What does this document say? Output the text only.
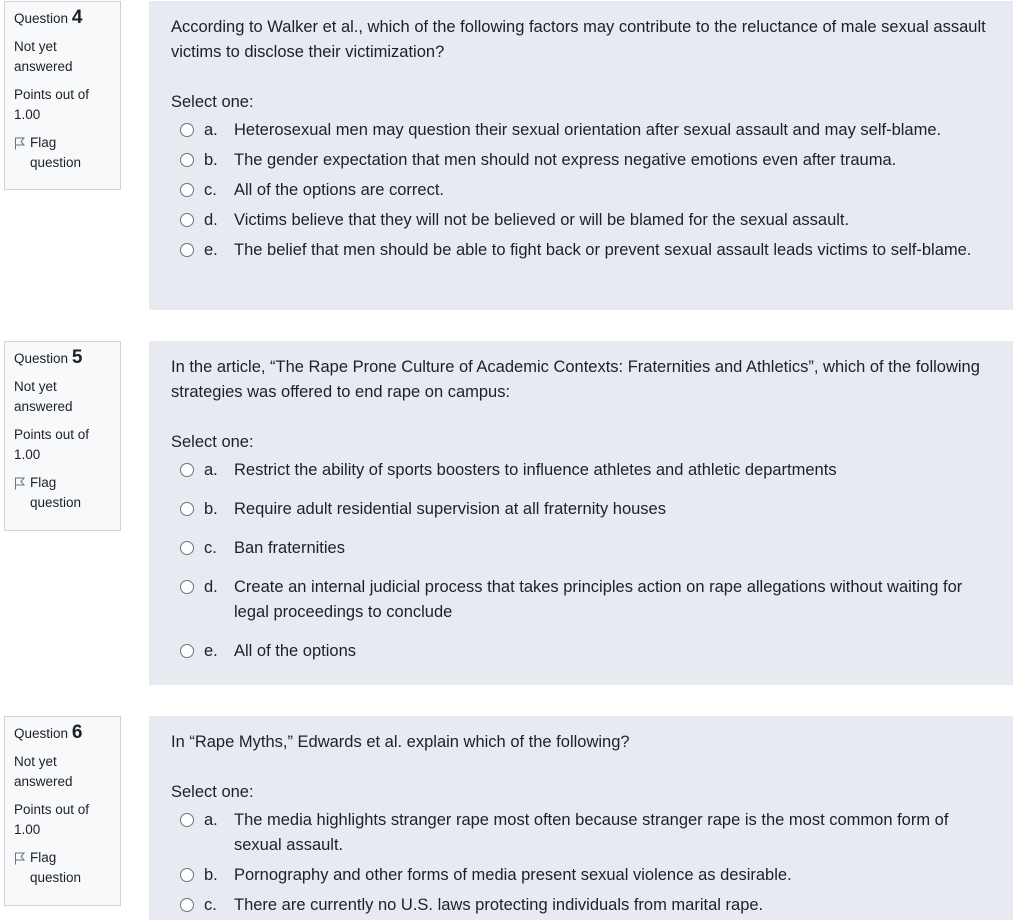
Question 4
Not yet answered
Points out of 1.00
Flag question

According to Walker et al., which of the following factors may contribute to the reluctance of male sexual assault victims to disclose their victimization?

Select one:
a. Heterosexual men may question their sexual orientation after sexual assault and may self-blame.
b. The gender expectation that men should not express negative emotions even after trauma.
c.	All of the options are correct.
d. Victims believe that they will not be believed or will be blamed for the sexual assault.
e. The belief that men should be able to fight back or prevent sexual assault leads victims to self-blame.
Question 5
Not yet answered
Points out of 1.00
Flag question

In the article, “The Rape Prone Culture of Academic Contexts: Fraternities and Athletics”, which of the following strategies was offered to end rape on campus:

Select one:
a. Restrict the ability of sports boosters to influence athletes and athletic departments
b. Require adult residential supervision at all fraternity houses
c.	Ban fraternities
d. Create an internal judicial process that takes principles action on rape allegations without waiting for legal proceedings to conclude
e. All of the options
Question 6
Not yet answered
Points out of 1.00
Flag question

In “Rape Myths,” Edwards et al. explain which of the following?

Select one:
a. The media highlights stranger rape most often because stranger rape is the most common form of sexual assault.
b. Pornography and other forms of media present sexual violence as desirable.
c.	There are currently no U.S. laws protecting individuals from marital rape.
